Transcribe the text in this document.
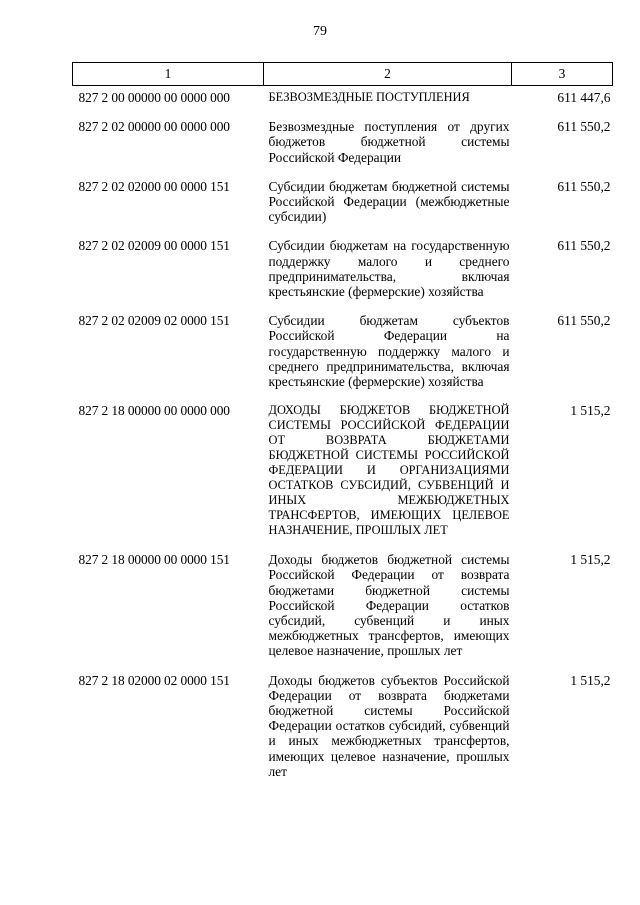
79
1	2	3
827 2 00 00000 00 0000 000	БЕЗВОЗМЕЗДНЫЕ ПОСТУПЛЕНИЯ	611 447,6
827 2 02 00000 00 0000 000	Безвозмездные поступления от других бюджетов бюджетной системы Российской Федерации	611 550,2
827 2 02 02000 00 0000 151	Субсидии бюджетам бюджетной системы Российской Федерации (межбюджетные субсидии)	611 550,2
827 2 02 02009 00 0000 151	Субсидии бюджетам на государственную поддержку малого и среднего предпринимательства, включая крестьянские (фермерские) хозяйства	611 550,2
827 2 02 02009 02 0000 151	Субсидии бюджетам субъектов Российской Федерации на государственную поддержку малого и среднего предпринимательства, включая крестьянские (фермерские) хозяйства	611 550,2
827 2 18 00000 00 0000 000	ДОХОДЫ БЮДЖЕТОВ БЮДЖЕТНОЙ СИСТЕМЫ РОССИЙСКОЙ ФЕДЕРАЦИИ ОТ ВОЗВРАТА БЮДЖЕТАМИ БЮДЖЕТНОЙ СИСТЕМЫ РОССИЙСКОЙ ФЕДЕРАЦИИ И ОРГАНИЗАЦИЯМИ ОСТАТКОВ СУБСИДИЙ, СУБВЕНЦИЙ И ИНЫХ МЕЖБЮДЖЕТНЫХ ТРАНСФЕРТОВ, ИМЕЮЩИХ ЦЕЛЕВОЕ НАЗНАЧЕНИЕ, ПРОШЛЫХ ЛЕТ	1 515,2
827 2 18 00000 00 0000 151	Доходы бюджетов бюджетной системы Российской Федерации от возврата бюджетами бюджетной системы Российской Федерации остатков субсидий, субвенций и иных межбюджетных трансфертов, имеющих целевое назначение, прошлых лет	1 515,2
827 2 18 02000 02 0000 151	Доходы бюджетов субъектов Российской Федерации от возврата бюджетами бюджетной системы Российской Федерации остатков субсидий, субвенций и иных межбюджетных трансфертов, имеющих целевое назначение, прошлых лет	1 515,2
